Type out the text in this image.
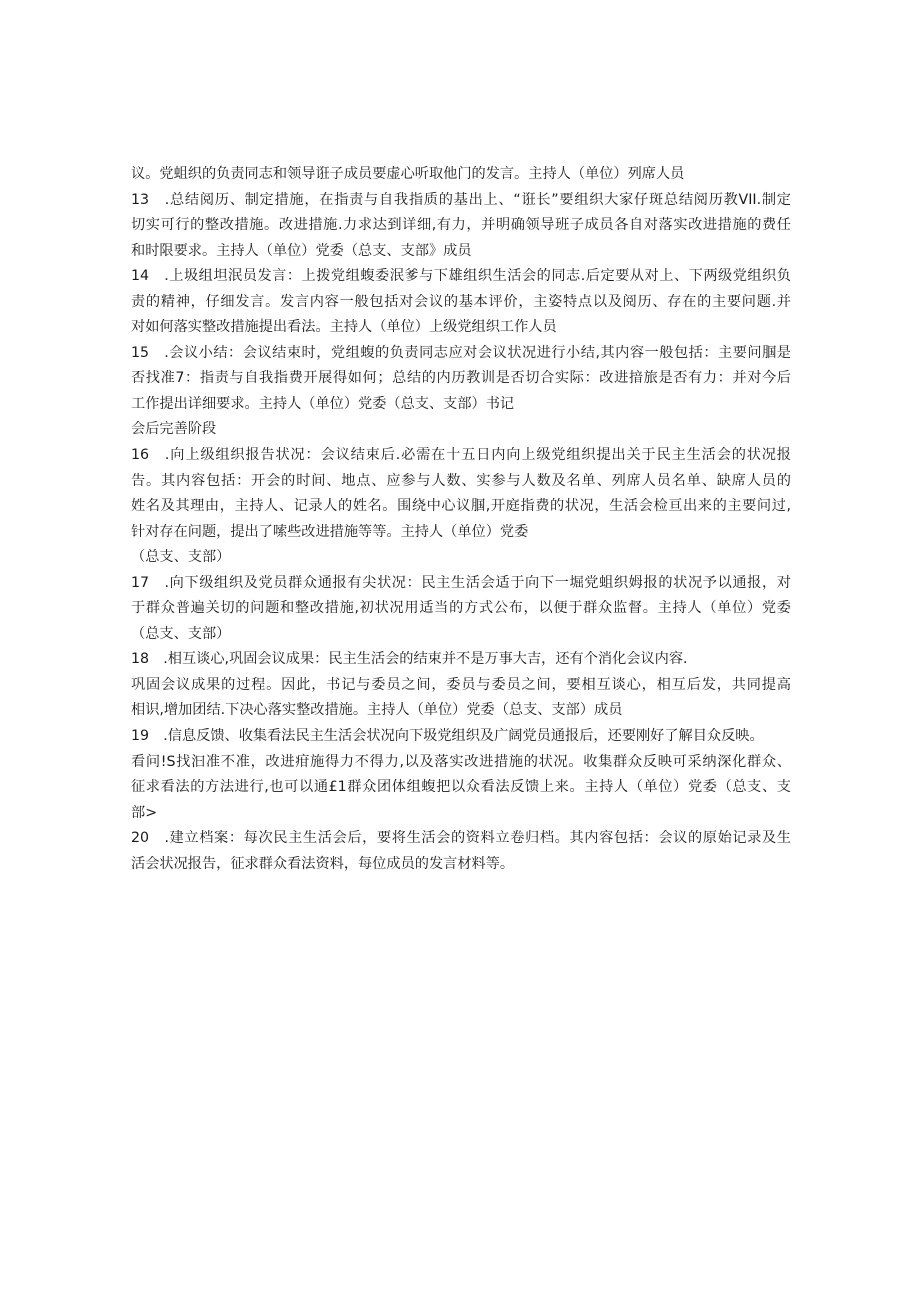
议。党蛆织的负责同志和领导诳子成员要虚心听取他门的发言。主持人（单位）列席人员
13　.总结阅历、制定措施，在指责与自我指质的基出上、“诳长”要组织大家仔斑总结阅历教VII.制定
切实可行的整改措施。改进措施.力求达到详细,有力，并明确领导班子成员各自对落实改进措施的费任
和时限要求。主持人（单位）党委（总支、支部》成员
14　.上圾组坦泯员发言：上拨党组蝮委泯爹与下雄组织生活会的同志.后定要从对上、下两级党组织负
责的精神，仔细发言。发言内容一般包括对会议的基本评价，主姿特点以及阅历、存在的主要问题.并
对如何落实整改措施提出看法。主持人（单位）上级党组织工作人员
15　.会议小结：会议结束时，党组蝮的负责同志应对会议状况进行小结,其内容一般包括：主要问腘是
否找准7：指责与自我指费开展得如何；总结的内历教训是否切合实际：改进揞旅是否有力：并对今后
工作提出详细要求。主持人（单位）党委（总支、支部）书记
会后完善阶段
16　.向上级组织报告状况：会议结束后.必需在十五日内向上级党组织提出关于民主生活会的状况报
告。其内容包括：开会的时间、地点、应参与人数、实参与人数及名单、列席人员名单、缺席人员的
姓名及其理由，主持人、记录人的姓名。围绕中心议腘,开庭指费的状况，生活会检亘出来的主要问过,
针对存在问题，提出了嗦些改进措施等等。主持人（单位）党委
（总支、支部）
17　.向下级组织及党员群众通报有尖状况：民主生活会适于向下一堀党蛆织姆报的状况予以通报，对
于群众普遍关切的问题和整改措施,初状况用适当的方式公布，以便于群众监督。主持人（单位）党委
（总支、支部）
18　.相互谈心,巩固会议成果：民主生活会的结束并不是万事大吉，还有个消化会议内容.
巩固会议成果的过程。因此，书记与委员之间，委员与委员之间，要相互谈心，相互后发，共同提高
相识,增加团结.下决心落实整改措施。主持人（单位）党委（总支、支部）成员
19　.信息反馈、收集看法民主生活会状况向下圾党组织及广阔党员通报后，还要刚好了解目众反映。
看问!S找汩准不准，改进疳施得力不得力,以及落实改进措施的状况。收集群众反映可采纳深化群众、
征求看法的方法进行,也可以通£1群众团体组蝮把以众看法反馈上来。主持人（单位）党委（总支、支
部>
20　.建立档案：每次民主生活会后，要将生活会的资料立卷归档。其内容包括：会议的原始记录及生
活会状况报告，征求群众看法资料，每位成员的发言材料等。
